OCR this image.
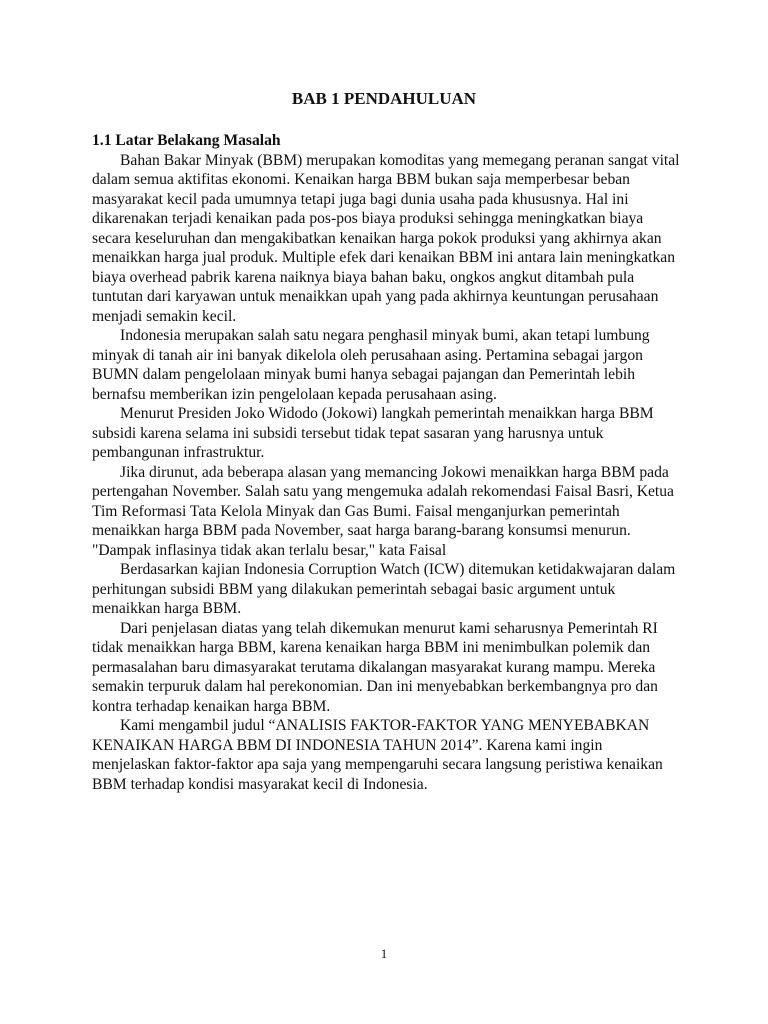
BAB 1 PENDAHULUAN

1.1 Latar Belakang Masalah

Bahan Bakar Minyak (BBM) merupakan komoditas yang memegang peranan sangat vital dalam semua aktifitas ekonomi. Kenaikan harga BBM bukan saja memperbesar beban masyarakat kecil pada umumnya tetapi juga bagi dunia usaha pada khususnya. Hal ini dikarenakan terjadi kenaikan pada pos-pos biaya produksi sehingga meningkatkan biaya secara keseluruhan dan mengakibatkan kenaikan harga pokok produksi yang akhirnya akan menaikkan harga jual produk. Multiple efek dari kenaikan BBM ini antara lain meningkatkan biaya overhead pabrik karena naiknya biaya bahan baku, ongkos angkut ditambah pula tuntutan dari karyawan untuk menaikkan upah yang pada akhirnya keuntungan perusahaan menjadi semakin kecil.

Indonesia merupakan salah satu negara penghasil minyak bumi, akan tetapi lumbung minyak di tanah air ini banyak dikelola oleh perusahaan asing. Pertamina sebagai jargon BUMN dalam pengelolaan minyak bumi hanya sebagai pajangan dan Pemerintah lebih bernafsu memberikan izin pengelolaan kepada perusahaan asing.

Menurut Presiden Joko Widodo (Jokowi) langkah pemerintah menaikkan harga BBM subsidi karena selama ini subsidi tersebut tidak tepat sasaran yang harusnya untuk pembangunan infrastruktur.

Jika dirunut, ada beberapa alasan yang memancing Jokowi menaikkan harga BBM pada pertengahan November. Salah satu yang mengemuka adalah rekomendasi Faisal Basri, Ketua Tim Reformasi Tata Kelola Minyak dan Gas Bumi. Faisal menganjurkan pemerintah menaikkan harga BBM pada November, saat harga barang-barang konsumsi menurun. "Dampak inflasinya tidak akan terlalu besar," kata Faisal

Berdasarkan kajian Indonesia Corruption Watch (ICW) ditemukan ketidakwajaran dalam perhitungan subsidi BBM yang dilakukan pemerintah sebagai basic argument untuk menaikkan harga BBM.

Dari penjelasan diatas yang telah dikemukan menurut kami seharusnya Pemerintah RI tidak menaikkan harga BBM, karena kenaikan harga BBM ini menimbulkan polemik dan permasalahan baru dimasyarakat terutama dikalangan masyarakat kurang mampu. Mereka semakin terpuruk dalam hal perekonomian. Dan ini menyebabkan berkembangnya pro dan kontra terhadap kenaikan harga BBM.

Kami mengambil judul “ANALISIS FAKTOR-FAKTOR YANG MENYEBABKAN KENAIKAN HARGA BBM DI INDONESIA TAHUN 2014”. Karena kami ingin menjelaskan faktor-faktor apa saja yang mempengaruhi secara langsung peristiwa kenaikan BBM terhadap kondisi masyarakat kecil di Indonesia.

1
